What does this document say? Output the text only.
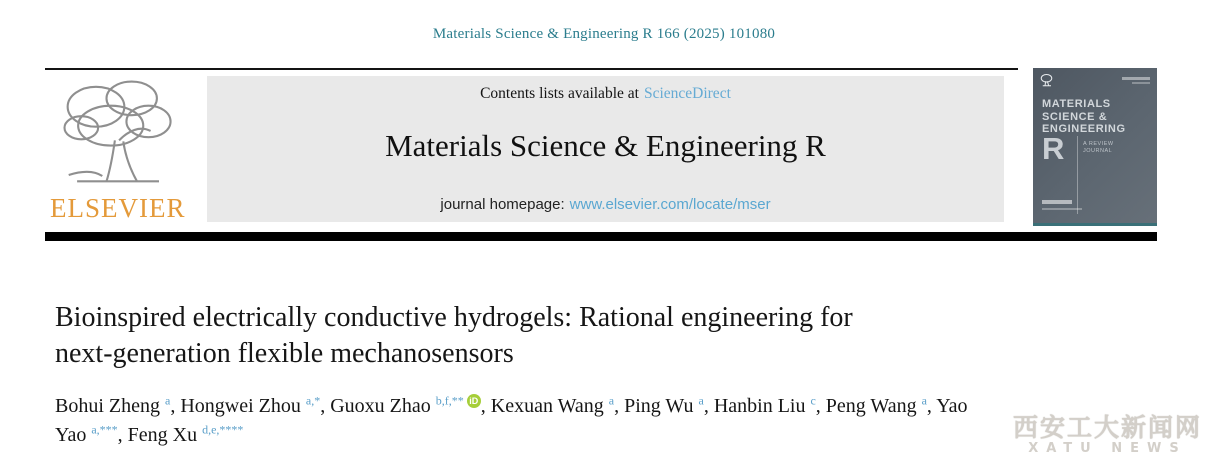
Materials Science & Engineering R 166 (2025) 101080
ELSEVIER
Contents lists available at ScienceDirect
Materials Science & Engineering R
journal homepage: www.elsevier.com/locate/mser
MATERIALS
SCIENCE &
ENGINEERING
R	A REVIEW JOURNAL
Bioinspired electrically conductive hydrogels: Rational engineering for
next-generation flexible mechanosensors

Bohui Zheng $^a$, Hongwei Zhou $^{a,*}$, Guoxu Zhao $^{b,f,**}$ iD , Kexuan Wang $^a$, Ping Wu $^a$, Hanbin Liu $^c$, Peng Wang $^a$, Yao Yao $^{a,***}$, Feng Xu $^{d,e,****}$	西安工大新闻网
XATU NEWS
